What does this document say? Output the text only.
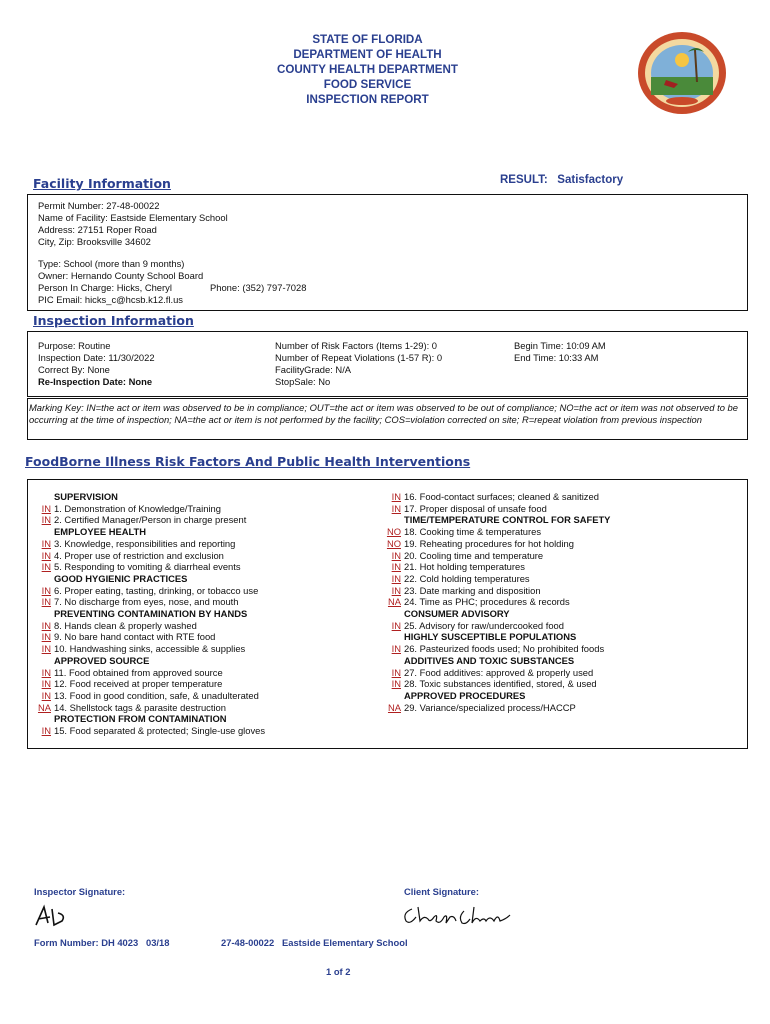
STATE OF FLORIDA
DEPARTMENT OF HEALTH
COUNTY HEALTH DEPARTMENT
FOOD SERVICE
INSPECTION REPORT
Facility Information	RESULT: Satisfactory
Permit Number: 27-48-00022
Name of Facility: Eastside Elementary School
Address: 27151 Roper Road
City, Zip: Brooksville 34602
Type: School (more than 9 months)
Owner: Hernando County School Board
Person In Charge: Hicks, Cheryl	Phone: (352) 797-7028
PIC Email: hicks_c@hcsb.k12.fl.us
Inspection Information
Purpose: Routine
Inspection Date: 11/30/2022
Correct By: None
Re-Inspection Date: None
Number of Risk Factors (Items 1-29): 0
Number of Repeat Violations (1-57 R): 0
FacilityGrade: N/A
StopSale: No
Begin Time: 10:09 AM
End Time: 10:33 AM
Marking Key: IN=the act or item was observed to be in compliance; OUT=the act or item was observed to be out of compliance; NO=the act or item was not observed to be occurring at the time of inspection; NA=the act or item is not performed by the facility; COS=violation corrected on site; R=repeat violation from previous inspection
FoodBorne Illness Risk Factors And Public Health Interventions
SUPERVISION
IN 1. Demonstration of Knowledge/Training
IN 2. Certified Manager/Person in charge present
EMPLOYEE HEALTH
IN 3. Knowledge, responsibilities and reporting
IN 4. Proper use of restriction and exclusion
IN 5. Responding to vomiting & diarrheal events
GOOD HYGIENIC PRACTICES
IN 6. Proper eating, tasting, drinking, or tobacco use
IN 7. No discharge from eyes, nose, and mouth
PREVENTING CONTAMINATION BY HANDS
IN 8. Hands clean & properly washed
IN 9. No bare hand contact with RTE food
IN 10. Handwashing sinks, accessible & supplies
APPROVED SOURCE
IN 11. Food obtained from approved source
IN 12. Food received at proper temperature
IN 13. Food in good condition, safe, & unadulterated
NA 14. Shellstock tags & parasite destruction
PROTECTION FROM CONTAMINATION
IN 15. Food separated & protected; Single-use gloves
IN 16. Food-contact surfaces; cleaned & sanitized
IN 17. Proper disposal of unsafe food
TIME/TEMPERATURE CONTROL FOR SAFETY
NO 18. Cooking time & temperatures
NO 19. Reheating procedures for hot holding
IN 20. Cooling time and temperature
IN 21. Hot holding temperatures
IN 22. Cold holding temperatures
IN 23. Date marking and disposition
NA 24. Time as PHC; procedures & records
CONSUMER ADVISORY
IN 25. Advisory for raw/undercooked food
HIGHLY SUSCEPTIBLE POPULATIONS
IN 26. Pasteurized foods used; No prohibited foods
ADDITIVES AND TOXIC SUBSTANCES
IN 27. Food additives: approved & properly used
IN 28. Toxic substances identified, stored, & used
APPROVED PROCEDURES
NA 29. Variance/specialized process/HACCP
Inspector Signature:	Client Signature:
Form Number: DH 4023   03/18	27-48-00022   Eastside Elementary School
1 of 2
